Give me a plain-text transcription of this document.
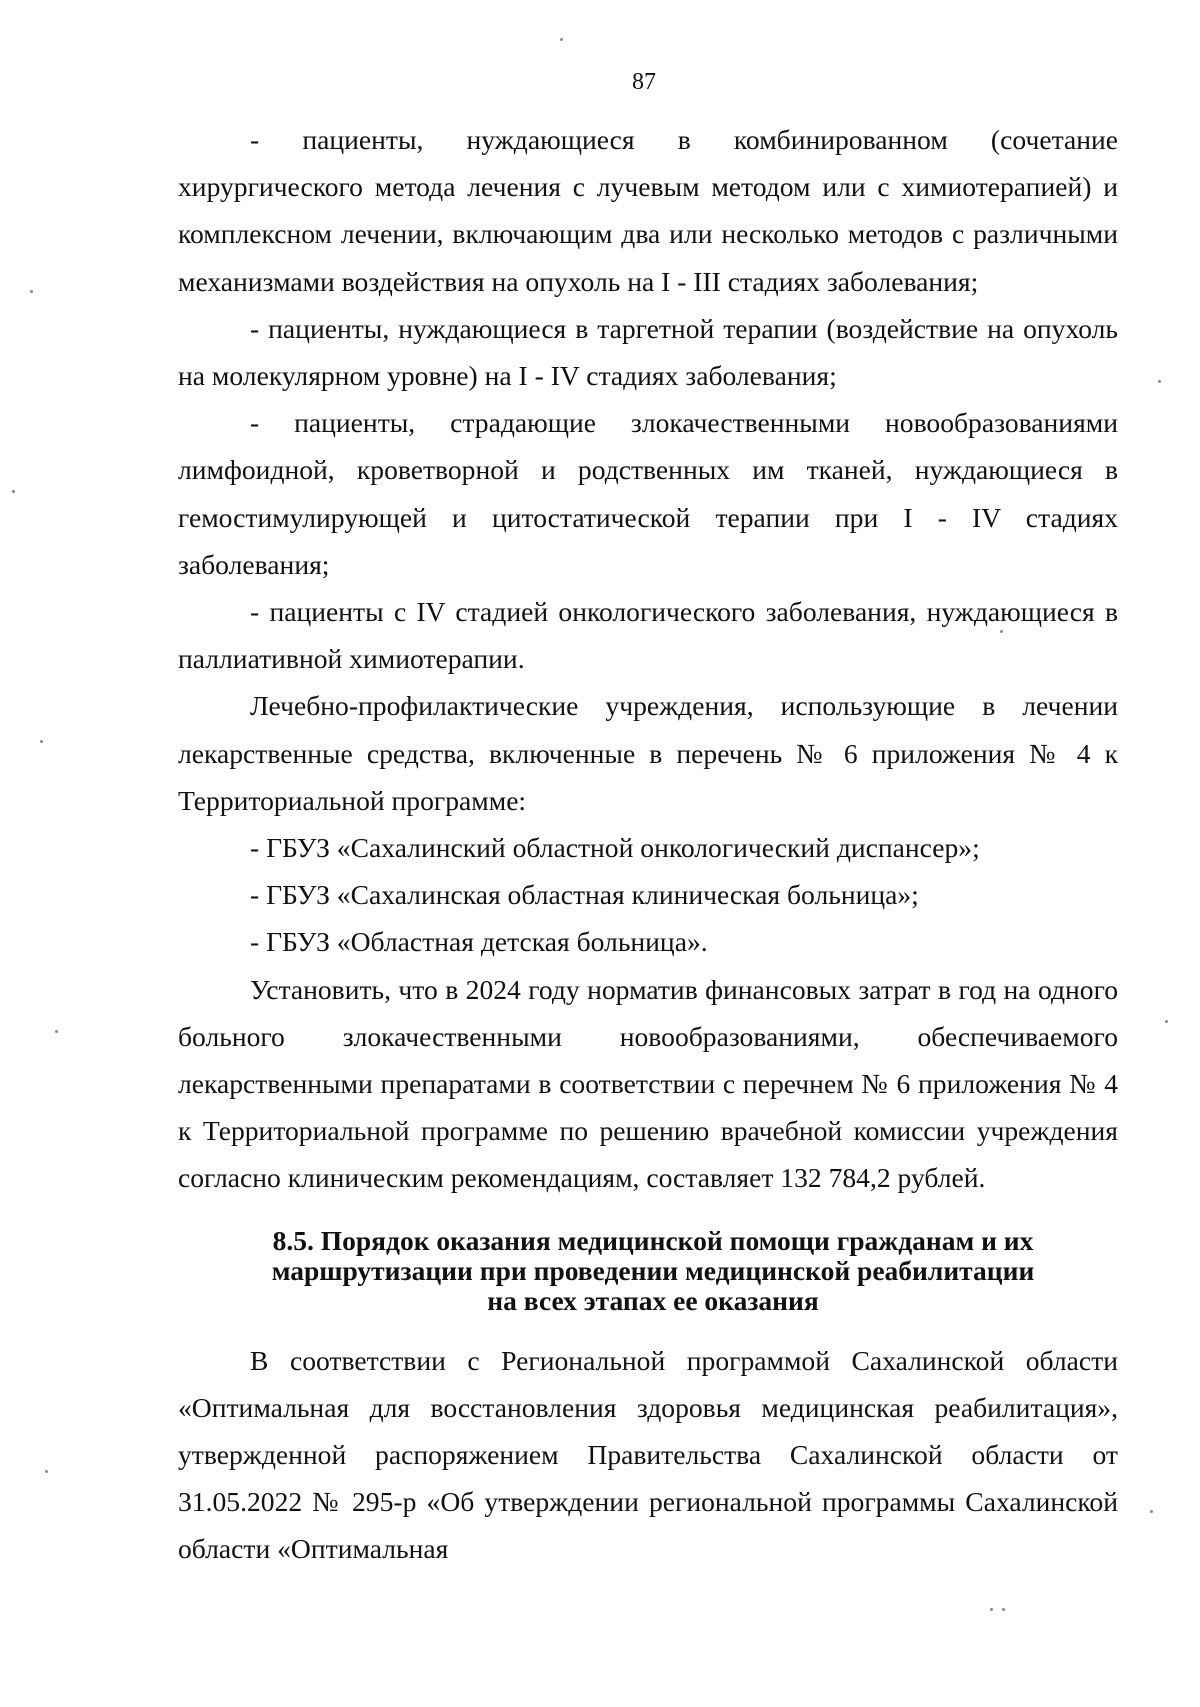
87

- пациенты, нуждающиеся в комбинированном (сочетание хирургического метода лечения с лучевым методом или с химиотерапией) и комплексном лечении, включающим два или несколько методов с различными механизмами воздействия на опухоль на I - III стадиях заболевания;

- пациенты, нуждающиеся в таргетной терапии (воздействие на опухоль на молекулярном уровне) на I - IV стадиях заболевания;

- пациенты, страдающие злокачественными новообразованиями лимфоидной, кроветворной и родственных им тканей, нуждающиеся в гемостимулирующей и цитостатической терапии при I - IV стадиях заболевания;

- пациенты с IV стадией онкологического заболевания, нуждающиеся в паллиативной химиотерапии.

Лечебно-профилактические учреждения, использующие в лечении лекарственные средства, включенные в перечень № 6 приложения № 4 к Территориальной программе:

- ГБУЗ «Сахалинский областной онкологический диспансер»;

- ГБУЗ «Сахалинская областная клиническая больница»;

- ГБУЗ «Областная детская больница».

Установить, что в 2024 году норматив финансовых затрат в год на одного больного злокачественными новообразованиями, обеспечиваемого лекарственными препаратами в соответствии с перечнем № 6 приложения № 4 к Территориальной программе по решению врачебной комиссии учреждения согласно клиническим рекомендациям, составляет 132 784,2 рублей.

8.5. Порядок оказания медицинской помощи гражданам и их
маршрутизации при проведении медицинской реабилитации
на всех этапах ее оказания

В соответствии с Региональной программой Сахалинской области «Оптимальная для восстановления здоровья медицинская реабилитация», утвержденной распоряжением Правительства Сахалинской области от 31.05.2022 № 295-р «Об утверждении региональной программы Сахалинской области «Оптимальная
